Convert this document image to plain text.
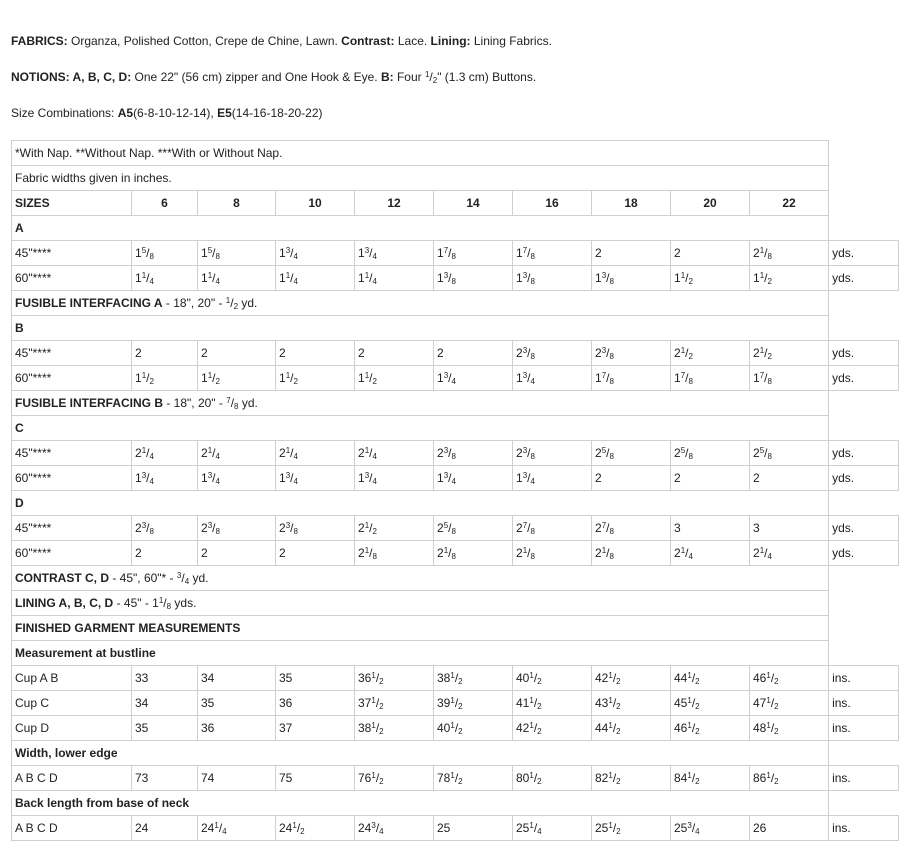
FABRICS: Organza, Polished Cotton, Crepe de Chine, Lawn. Contrast: Lace. Lining: Lining Fabrics.

NOTIONS: A, B, C, D: One 22" (56 cm) zipper and One Hook & Eye. B: Four $^1/_2$" (1.3 cm) Buttons.

Size Combinations: A5(6-8-10-12-14), E5(14-16-18-20-22)

*With Nap. **Without Nap. ***With or Without Nap.										
Fabric widths given in inches.										
SIZES	6	8	10	12	14	16	18	20	22	
A										
45"****	$1^5/_8$	$1^5/_8$	$1^3/_4$	$1^3/_4$	$1^7/_8$	$1^7/_8$	2	2	$2^1/_8$	yds.
60"****	$1^1/_4$	$1^1/_4$	$1^1/_4$	$1^1/_4$	$1^3/_8$	$1^3/_8$	$1^3/_8$	$1^1/_2$	$1^1/_2$	yds.
FUSIBLE INTERFACING A - 18", 20" - $^1/_2$ yd.										
B										
45"****	2	2	2	2	2	$2^3/_8$	$2^3/_8$	$2^1/_2$	$2^1/_2$	yds.
60"****	$1^1/_2$	$1^1/_2$	$1^1/_2$	$1^1/_2$	$1^3/_4$	$1^3/_4$	$1^7/_8$	$1^7/_8$	$1^7/_8$	yds.
FUSIBLE INTERFACING B - 18", 20" - $^7/_8$ yd.										
C										
45"****	$2^1/_4$	$2^1/_4$	$2^1/_4$	$2^1/_4$	$2^3/_8$	$2^3/_8$	$2^5/_8$	$2^5/_8$	$2^5/_8$	yds.
60"****	$1^3/_4$	$1^3/_4$	$1^3/_4$	$1^3/_4$	$1^3/_4$	$1^3/_4$	2	2	2	yds.
D										
45"****	$2^3/_8$	$2^3/_8$	$2^3/_8$	$2^1/_2$	$2^5/_8$	$2^7/_8$	$2^7/_8$	3	3	yds.
60"****	2	2	2	$2^1/_8$	$2^1/_8$	$2^1/_8$	$2^1/_8$	$2^1/_4$	$2^1/_4$	yds.
CONTRAST C, D - 45", 60"* - $^3/_4$ yd.										
LINING A, B, C, D - 45" - $1^1/_8$ yds.										
FINISHED GARMENT MEASUREMENTS										
Measurement at bustline										
Cup A B	33	34	35	$36^1/_2$	$38^1/_2$	$40^1/_2$	$42^1/_2$	$44^1/_2$	$46^1/_2$	ins.
Cup C	34	35	36	$37^1/_2$	$39^1/_2$	$41^1/_2$	$43^1/_2$	$45^1/_2$	$47^1/_2$	ins.
Cup D	35	36	37	$38^1/_2$	$40^1/_2$	$42^1/_2$	$44^1/_2$	$46^1/_2$	$48^1/_2$	ins.
Width, lower edge										
A B C D	73	74	75	$76^1/_2$	$78^1/_2$	$80^1/_2$	$82^1/_2$	$84^1/_2$	$86^1/_2$	ins.
Back length from base of neck										
A B C D	24	$24^1/_4$	$24^1/_2$	$24^3/_4$	25	$25^1/_4$	$25^1/_2$	$25^3/_4$	26	ins.
